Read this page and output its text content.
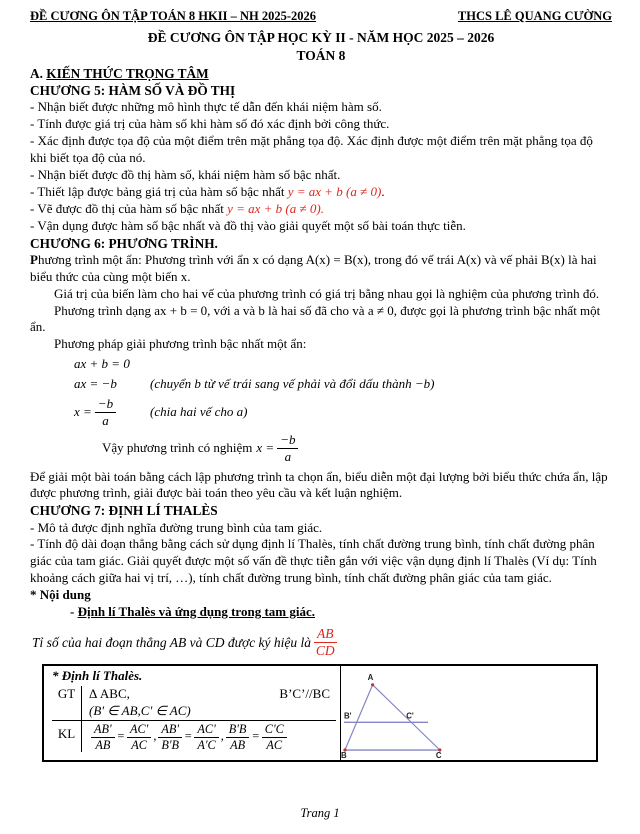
ĐỀ CƯƠNG ÔN TẬP TOÁN 8 HKII – NH 2025-2026	THCS LÊ QUANG CƯỜNG
ĐỀ CƯƠNG ÔN TẬP HỌC KỲ II - NĂM HỌC 2025 – 2026
TOÁN 8
A. KIẾN THỨC TRỌNG TÂM
CHƯƠNG 5: HÀM SỐ VÀ ĐỒ THỊ
- Nhận biết được những mô hình thực tế dẫn đến khái niệm hàm số.
- Tính được giá trị của hàm số khi hàm số đó xác định bởi công thức.
- Xác định được tọa độ của một điểm trên mặt phẳng tọa độ. Xác định được một điểm trên mặt phẳng tọa độ khi biết tọa độ của nó.
- Nhận biết được đồ thị hàm số, khái niệm hàm số bậc nhất.
- Thiết lập được bảng giá trị của hàm số bậc nhất y = ax + b (a ≠ 0).
- Vẽ được đồ thị của hàm số bậc nhất y = ax + b (a ≠ 0).
- Vận dụng được hàm số bậc nhất và đồ thị vào giải quyết một số bài toán thực tiễn.
CHƯƠNG 6: PHƯƠNG TRÌNH.
Phương trình một ẩn: Phương trình với ẩn x có dạng A(x) = B(x), trong đó vế trái A(x) và vế phải B(x) là hai biểu thức của cùng một biến x.
Giá trị của biến làm cho hai vế của phương trình có giá trị bằng nhau gọi là nghiệm của phương trình đó.
Phương trình dạng ax + b = 0, với a và b là hai số đã cho và a ≠ 0, được gọi là phương trình bậc nhất một ẩn.
Phương pháp giải phương trình bậc nhất một ẩn:
ax + b = 0
ax = −b	(chuyển b từ vế trái sang vế phải và đổi dấu thành −b)
$x = \frac{-b}{a}$	(chia hai vế cho a)
Vậy phương trình có nghiệm $x = \frac{-b}{a}$
Để giải một bài toán bằng cách lập phương trình ta chọn ẩn, biểu diễn một đại lượng bởi biểu thức chứa ẩn, lập được phương trình, giải được bài toán theo yêu cầu và kết luận nghiệm.
CHƯƠNG 7: ĐỊNH LÍ THALÈS
- Mô tả được định nghĩa đường trung bình của tam giác.
- Tính độ dài đoạn thẳng bằng cách sử dụng định lí Thalès, tính chất đường trung bình, tính chất đường phân giác của tam giác. Giải quyết được một số vấn đề thực tiễn gắn với việc vận dụng định lí Thalès (Ví dụ: Tính khoảng cách giữa hai vị trí, …), tính chất đường trung bình, tính chất đường phân giác của tam giác.
* Nội dung
- Định lí Thalès và ứng dụng trong tam giác.
Tỉ số của hai đoạn thẳng AB và CD được ký hiệu là $\frac{AB}{CD}$
* Định lí Thalès.
GT	Δ ABC,	B’C’//BC
(B' ∈ AB,C' ∈ AC)
KL	$\frac{AB'}{AB} = \frac{AC'}{AC}$ , $\frac{AB'}{B'B} = \frac{AC'}{A'C}$ , $\frac{B'B}{AB} = \frac{C'C}{AC}$
A
B'	C'
B	C
Trang 1
